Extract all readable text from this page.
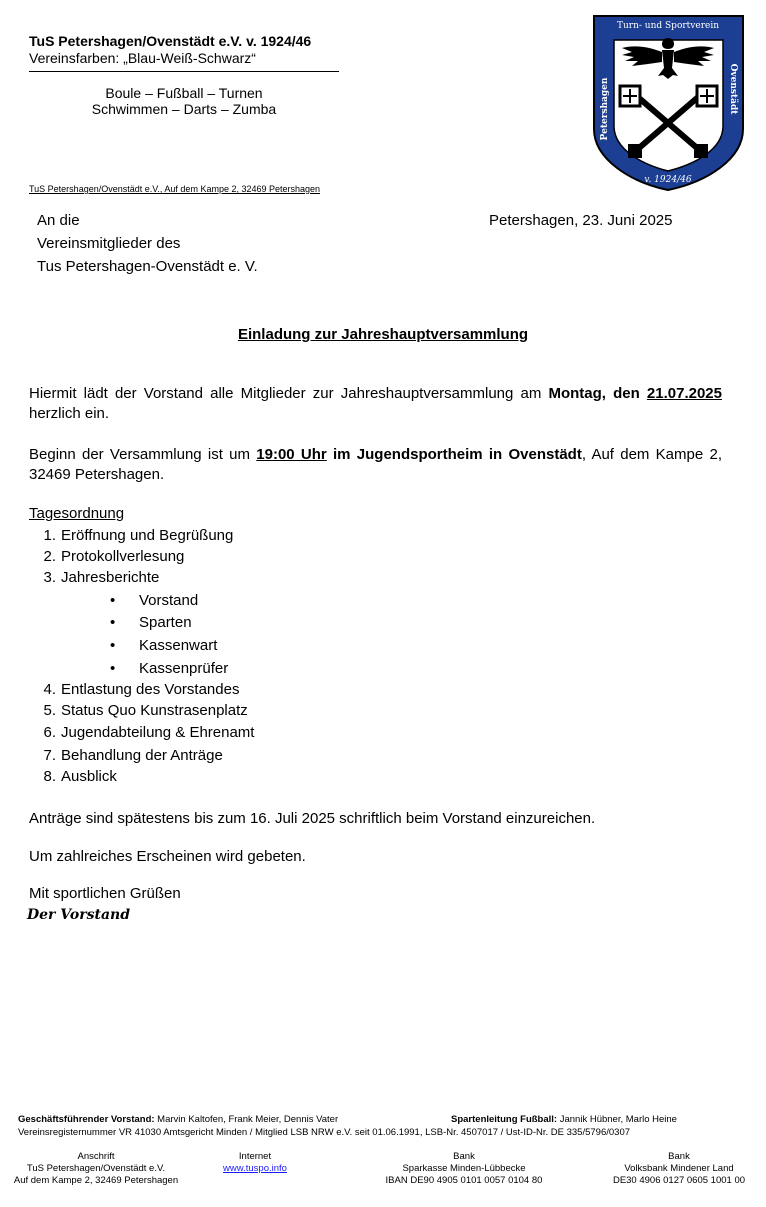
TuS Petershagen/Ovenstädt e.V. v. 1924/46
Vereinsfarben: „Blau-Weiß-Schwarz“
Boule – Fußball – Turnen
Schwimmen – Darts – Zumba
TuS Petershagen/Ovenstädt e.V., Auf dem Kampe 2, 32469 Petershagen
Turn- und Sportverein
Petershagen	Ovenstädt
v. 1924/46
An die
Vereinsmitglieder des
Tus Petershagen-Ovenstädt e. V.
Petershagen, 23. Juni 2025
Einladung zur Jahreshauptversammlung
Hiermit lädt der Vorstand alle Mitglieder zur Jahreshauptversammlung am Montag, den 21.07.2025 herzlich ein.
Beginn der Versammlung ist um 19:00 Uhr im Jugendsportheim in Ovenstädt, Auf dem Kampe 2, 32469 Petershagen.
Tagesordnung
1. Eröffnung und Begrüßung
2. Protokollverlesung
3. Jahresberichte
• Vorstand
• Sparten
• Kassenwart
• Kassenprüfer
4. Entlastung des Vorstandes
5. Status Quo Kunstrasenplatz
6. Jugendabteilung & Ehrenamt
7. Behandlung der Anträge
8. Ausblick
Anträge sind spätestens bis zum 16. Juli 2025 schriftlich beim Vorstand einzureichen.
Um zahlreiches Erscheinen wird gebeten.
Mit sportlichen Grüßen
Der Vorstand
Geschäftsführender Vorstand: Marvin Kaltofen, Frank Meier, Dennis Vater	Spartenleitung Fußball: Jannik Hübner, Marlo Heine
Vereinsregisternummer VR 41030 Amtsgericht Minden / Mitglied LSB NRW e.V. seit 01.06.1991, LSB-Nr. 4507017 / Ust-ID-Nr. DE 335/5796/0307
Anschrift
TuS Petershagen/Ovenstädt e.V.
Auf dem Kampe 2, 32469 Petershagen
Internet
www.tuspo.info
Bank
Sparkasse Minden-Lübbecke
IBAN DE90 4905 0101 0057 0104 80
Bank
Volksbank Mindener Land
DE30 4906 0127 0605 1001 00
